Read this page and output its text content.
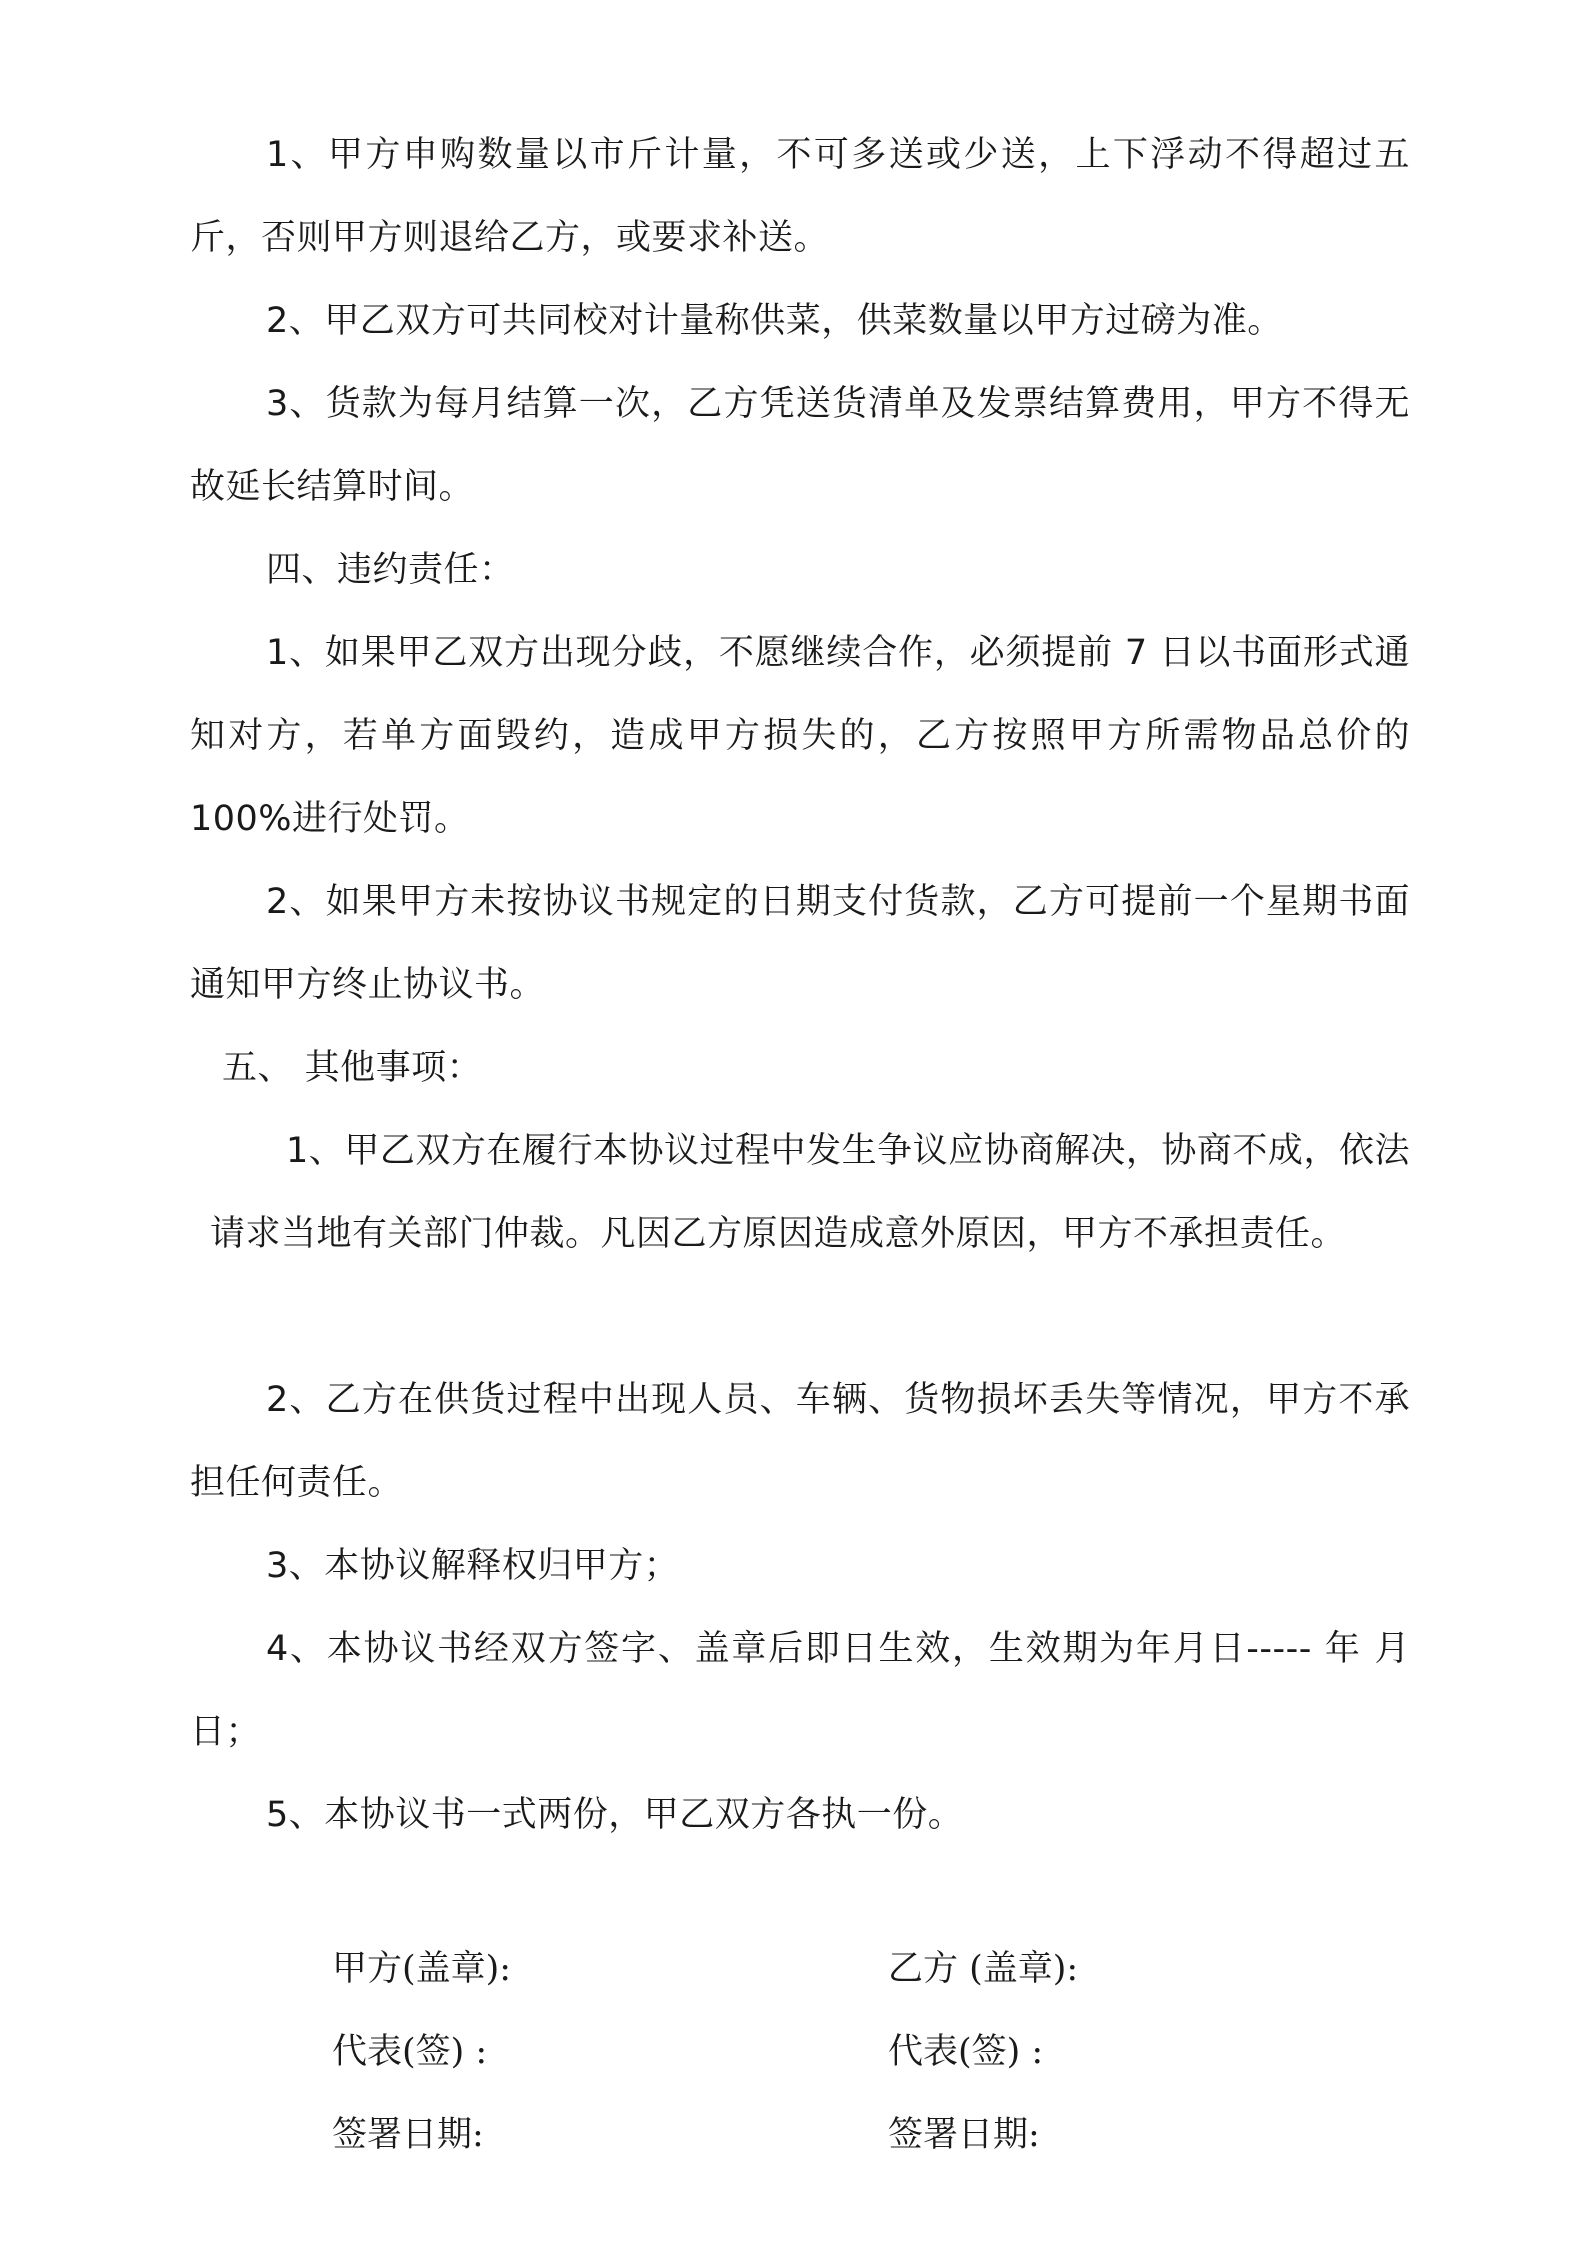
1、甲方申购数量以市斤计量，不可多送或少送，上下浮动不得超过五斤，否则甲方则退给乙方，或要求补送。

2、甲乙双方可共同校对计量称供菜，供菜数量以甲方过磅为准。

3、货款为每月结算一次，乙方凭送货清单及发票结算费用，甲方不得无故延长结算时间。

四、违约责任：

1、如果甲乙双方出现分歧，不愿继续合作，必须提前 7 日以书面形式通知对方，若单方面毁约，造成甲方损失的，乙方按照甲方所需物品总价的 100%进行处罚。

2、如果甲方未按协议书规定的日期支付货款，乙方可提前一个星期书面通知甲方终止协议书。

五、 其他事项：

1、甲乙双方在履行本协议过程中发生争议应协商解决，协商不成，依法请求当地有关部门仲裁。凡因乙方原因造成意外原因，甲方不承担责任。

2、乙方在供货过程中出现人员、车辆、货物损坏丢失等情况，甲方不承担任何责任。

3、本协议解释权归甲方；

4、本协议书经双方签字、盖章后即日生效，生效期为年月日----- 年 月日；

5、本协议书一式两份，甲乙双方各执一份。

甲方(盖章):	乙方 (盖章):

代表(签) :	代表(签) :

签署日期:	签署日期:
